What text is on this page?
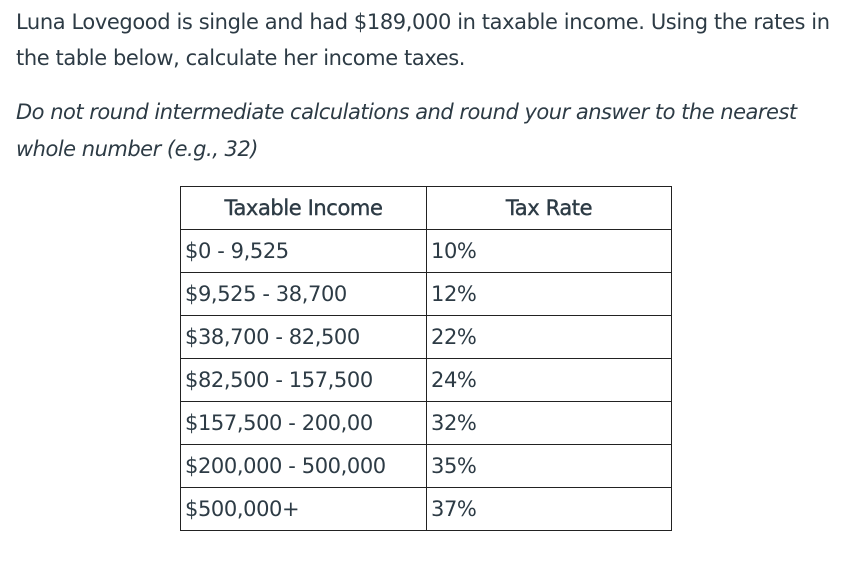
Luna Lovegood is single and had $189,000 in taxable income. Using the rates in the table below, calculate her income taxes.
Do not round intermediate calculations and round your answer to the nearest whole number (e.g., 32)
Taxable Income	Tax Rate
$0 - 9,525	10%
$9,525 - 38,700	12%
$38,700 - 82,500	22%
$82,500 - 157,500	24%
$157,500 - 200,00	32%
$200,000 - 500,000	35%
$500,000+	37%
